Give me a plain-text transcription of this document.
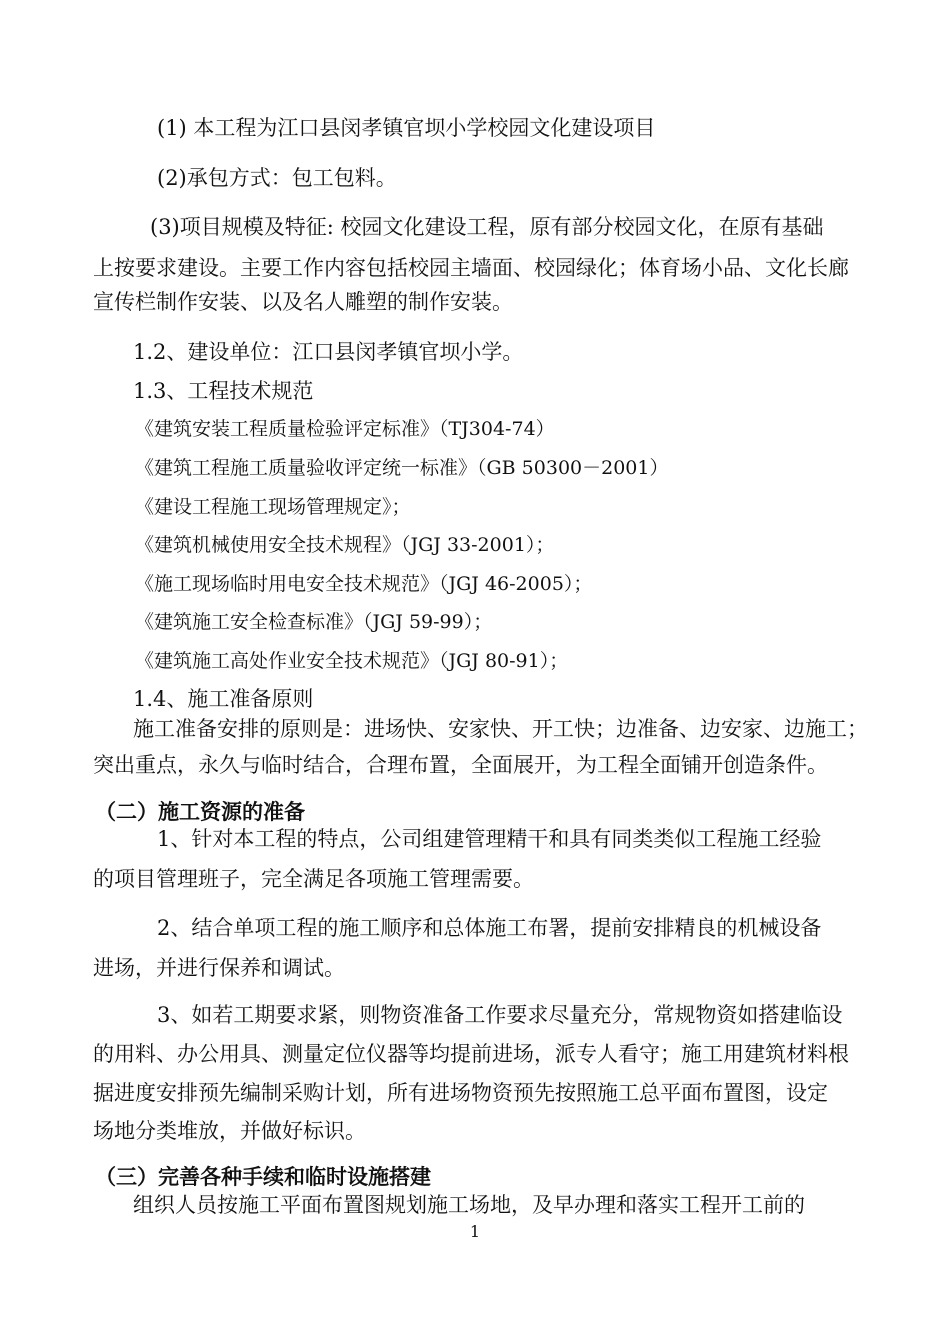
(1) 本工程为江口县闵孝镇官坝小学校园文化建设项目
(2)承包方式：包工包料。
(3)项目规模及特征: 校园文化建设工程，原有部分校园文化，在原有基础
上按要求建设。主要工作内容包括校园主墙面、校园绿化；体育场小品、文化长廊
宣传栏制作安装、以及名人雕塑的制作安装。
1.2、建设单位：江口县闵孝镇官坝小学。
1.3、工程技术规范
《建筑安装工程质量检验评定标准》（TJ304-74）
《建筑工程施工质量验收评定统一标准》（GB 50300－2001）
《建设工程施工现场管理规定》；
《建筑机械使用安全技术规程》（JGJ 33-2001）；
《施工现场临时用电安全技术规范》（JGJ 46-2005）；
《建筑施工安全检查标准》（JGJ 59-99）；
《建筑施工高处作业安全技术规范》（JGJ 80-91）；
1.4、施工准备原则
施工准备安排的原则是：进场快、安家快、开工快；边准备、边安家、边施工；
突出重点，永久与临时结合，合理布置，全面展开，为工程全面铺开创造条件。
（二）施工资源的准备
1、针对本工程的特点，公司组建管理精干和具有同类类似工程施工经验
的项目管理班子，完全满足各项施工管理需要。
2、结合单项工程的施工顺序和总体施工布署，提前安排精良的机械设备
进场，并进行保养和调试。
3、如若工期要求紧，则物资准备工作要求尽量充分，常规物资如搭建临设
的用料、办公用具、测量定位仪器等均提前进场，派专人看守；施工用建筑材料根
据进度安排预先编制采购计划，所有进场物资预先按照施工总平面布置图，设定
场地分类堆放，并做好标识。
（三）完善各种手续和临时设施搭建
组织人员按施工平面布置图规划施工场地，及早办理和落实工程开工前的
1
